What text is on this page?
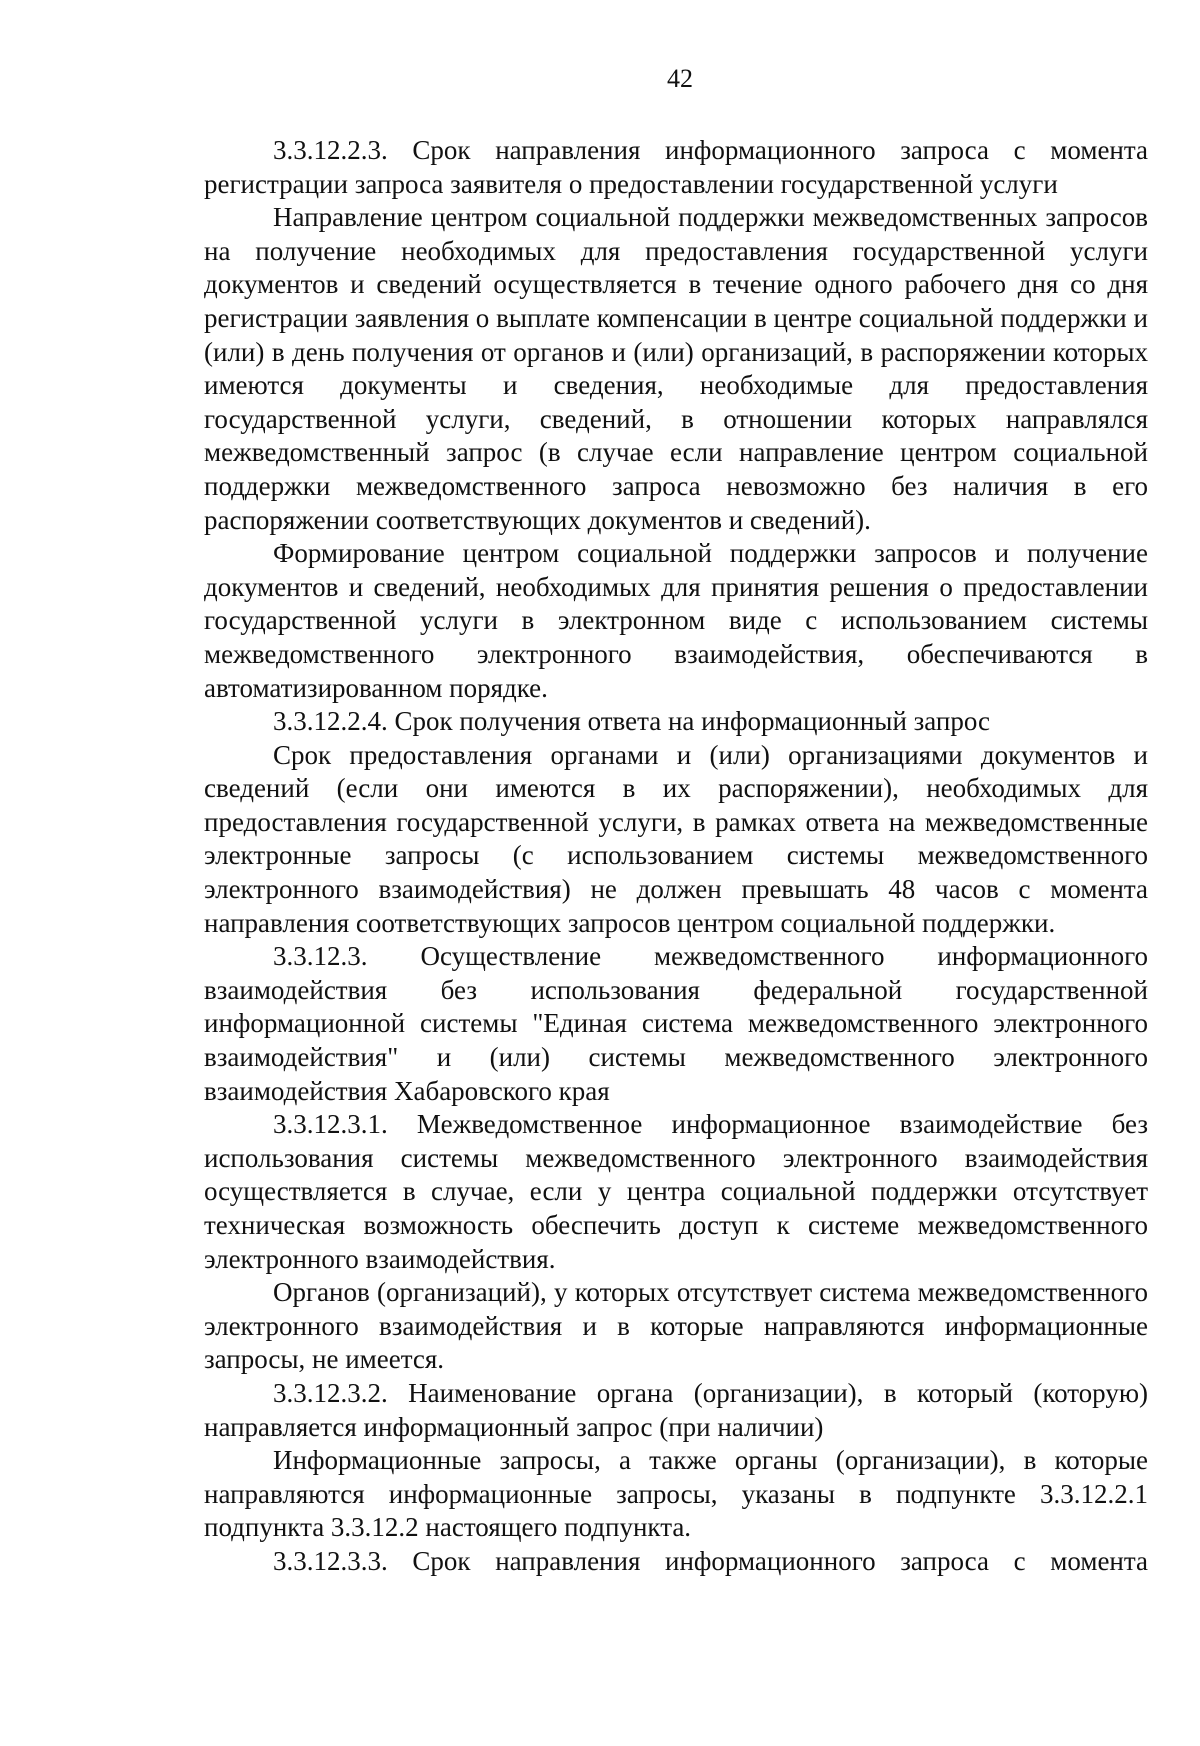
42

3.3.12.2.3. Срок направления информационного запроса с момента регистрации запроса заявителя о предоставлении государственной услуги

Направление центром социальной поддержки межведомственных запросов на получение необходимых для предоставления государственной услуги документов и сведений осуществляется в течение одного рабочего дня со дня регистрации заявления о выплате компенсации в центре социальной поддержки и (или) в день получения от органов и (или) организаций, в распоряжении которых имеются документы и сведения, необходимые для предоставления государственной услуги, сведений, в отношении которых направлялся межведомственный запрос (в случае если направление центром социальной поддержки межведомственного запроса невозможно без наличия в его распоряжении соответствующих документов и сведений).

Формирование центром социальной поддержки запросов и получение документов и сведений, необходимых для принятия решения о предоставлении государственной услуги в электронном виде с использованием системы межведомственного электронного взаимодействия, обеспечиваются в автоматизированном порядке.

3.3.12.2.4. Срок получения ответа на информационный запрос

Срок предоставления органами и (или) организациями документов и сведений (если они имеются в их распоряжении), необходимых для предоставления государственной услуги, в рамках ответа на межведомственные электронные запросы (с использованием системы межведомственного электронного взаимодействия) не должен превышать 48 часов с момента направления соответствующих запросов центром социальной поддержки.

3.3.12.3. Осуществление межведомственного информационного взаимодействия без использования федеральной государственной информационной системы "Единая система межведомственного электронного взаимодействия" и (или) системы межведомственного электронного взаимодействия Хабаровского края

3.3.12.3.1. Межведомственное информационное взаимодействие без использования системы межведомственного электронного взаимодействия осуществляется в случае, если у центра социальной поддержки отсутствует техническая возможность обеспечить доступ к системе межведомственного электронного взаимодействия.

Органов (организаций), у которых отсутствует система межведомственного электронного взаимодействия и в которые направляются информационные запросы, не имеется.

3.3.12.3.2. Наименование органа (организации), в который (которую) направляется информационный запрос (при наличии)

Информационные запросы, а также органы (организации), в которые направляются информационные запросы, указаны в подпункте 3.3.12.2.1 подпункта 3.3.12.2 настоящего подпункта.

3.3.12.3.3. Срок направления информационного запроса с момента
